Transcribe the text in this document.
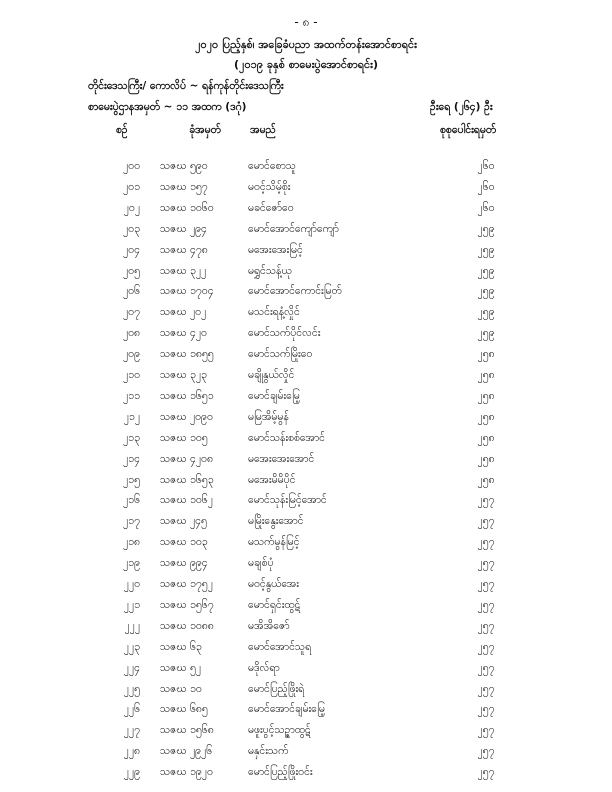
- ၈ -
၂၀၂၀ ပြည့်နှစ်၊ အခြေခံပညာ အထက်တန်းအောင်စာရင်း
(၂၀၁၉ ခုနှစ် စာမေးပွဲအောင်စာရင်း)
တိုင်းဒေသကြီး/ ကောလိပ် ~ ရန်ကုန်တိုင်းဒေသကြီး
စာမေးပွဲဌာနအမှတ် ~ ၁၁ အထက (ဒဂုံ)	ဦးရေ (၂၆၄) ဦး
စဉ်	ခုံအမှတ်	အမည်	စုစုပေါင်းရမှတ်
၂၀၀ သဇဃ ၅၉၀	မောင်စောသူ	၂၆၀
၂၀၁ သဇဃ ၁၅၇	မဝင့်သိမ့်စိုး	၂၆၀
၂၀၂ သဇဃ ၁၀၆၀	မခင်ဇော်ဝေ	၂၆၀
၂၀၃ သဇဃ ၂၉၄	မောင်အောင်ကျော်ကျော်	၂၅၉
၂၀၄ သဇဃ ၄၇၈	မအေးအေးမြင့်	၂၅၉
၂၀၅ သဇဃ ၃၂၂	မရွှင်သန့်ယု	၂၅၉
၂၀၆ သဇဃ ၁၇၀၄	မောင်အောင်ကောင်းမြတ်	၂၅၉
၂၀၇ သဇဃ ၂၀၂	မသင်းရနံ့လှိုင်	၂၅၉
၂၀၈ သဇဃ ၄၂၀	မောင်သက်ပိုင်လင်း	၂၅၉
၂၀၉ သဇဃ ၁၈၅၅	မောင်သက်မြိုးဝေ	၂၅၈
၂၁၀ သဇဃ ၃၂၃	မချိုနွယ်လှိုင်	၂၅၈
၂၁၁ သဇဃ ၁၆၅၁	မောင်ချမ်းမြေ့	၂၅၈
၂၁၂ သဇဃ ၂၀၉၀	မမြအိမ့်မွန်	၂၅၈
၂၁၃ သဇဃ ၁၀၅	မောင်သန်းစစ်အောင်	၂၅၈
၂၁၄ သဇဃ ၄၂၀၈	မအေးအေးအောင်	၂၅၈
၂၁၅ သဇဃ ၁၆၅၃	မအေးမိမိပိုင်	၂၅၈
၂၁၆ သဇဃ ၁၀၆၂	မောင်သုန်းမြင့်အောင်	၂၅၇
၂၁၇ သဇဃ ၂၄၅	မမြိုးနွေးအောင်	၂၅၇
၂၁၈ သဇဃ ၁၀၃	မသက်မွန်မြင့်	၂၅၇
၂၁၉ သဇဃ ၉၉၄	မချစ်ပုံ	၂၅၇
၂၂၀ သဇဃ ၁၇၅၂	မဝင့်နွယ်အေး	၂၅၇
၂၂၁ သဇဃ ၁၅၆၇	မောင်ရှင်းထွဋ်	၂၅၇
၂၂၂ သဇဃ ၁၀၈၈	မအိအိဇော်	၂၅၇
၂၂၃ သဇဃ ၆၃	မောင်အောင်သူရ	၂၅၇
၂၂၄ သဇဃ ၅၂	မဒိုလ်ရာ	၂၅၇
၂၂၅ သဇဃ ၁၀	မောင်ပြည့်ဖြိုးရဲ	၂၅၇
၂၂၆ သဇဃ ၆၈၅	မောင်အောင်ချမ်းမြေ့	၂၅၇
၂၂၇ သဇဃ ၁၅၆၈	မဖူးပွင့်သဉ္ဇာထွဋ်	၂၅၇
၂၂၈ သဇဃ ၂၉၂၆	မနှင်းသက်	၂၅၇
၂၂၉ သဇဃ ၁၉၂၀	မောင်ပြည့်ဖြိုးဝင်း	၂၅၇
